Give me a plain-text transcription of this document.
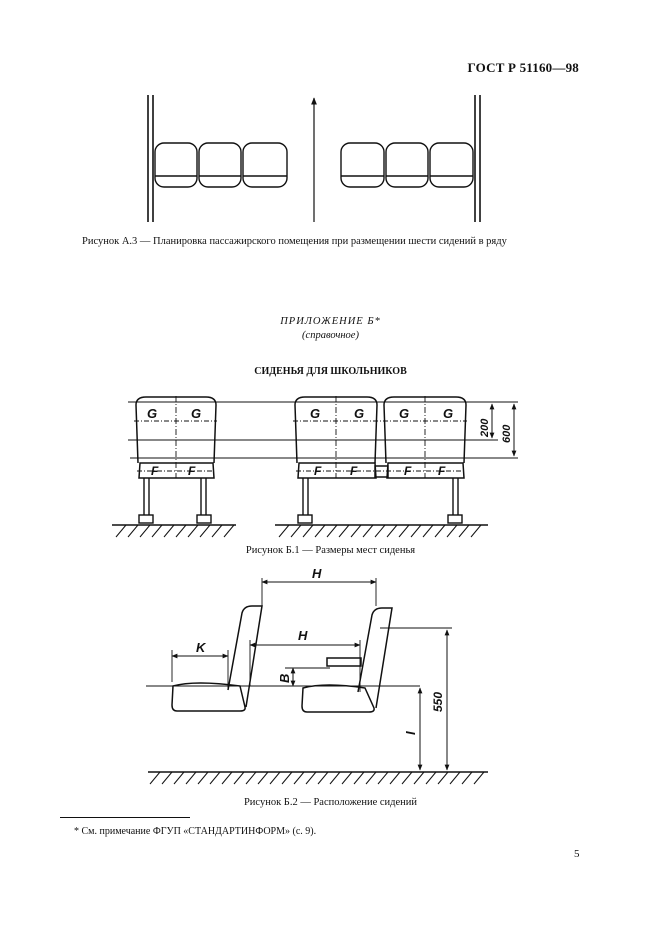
ГОСТ Р 51160—98
G	G	G	G	G	G
F F	F F	F F
200 600
H
H
K
B
I
550
Рисунок А.3 — Планировка пассажирского помещения при размещении шести сидений в ряду
ПРИЛОЖЕНИЕ Б*
(справочное)
СИДЕНЬЯ ДЛЯ ШКОЛЬНИКОВ
Рисунок Б.1 — Размеры мест сиденья
Рисунок Б.2 — Расположение сидений
* См. примечание ФГУП «СТАНДАРТИНФОРМ» (с. 9).
5
